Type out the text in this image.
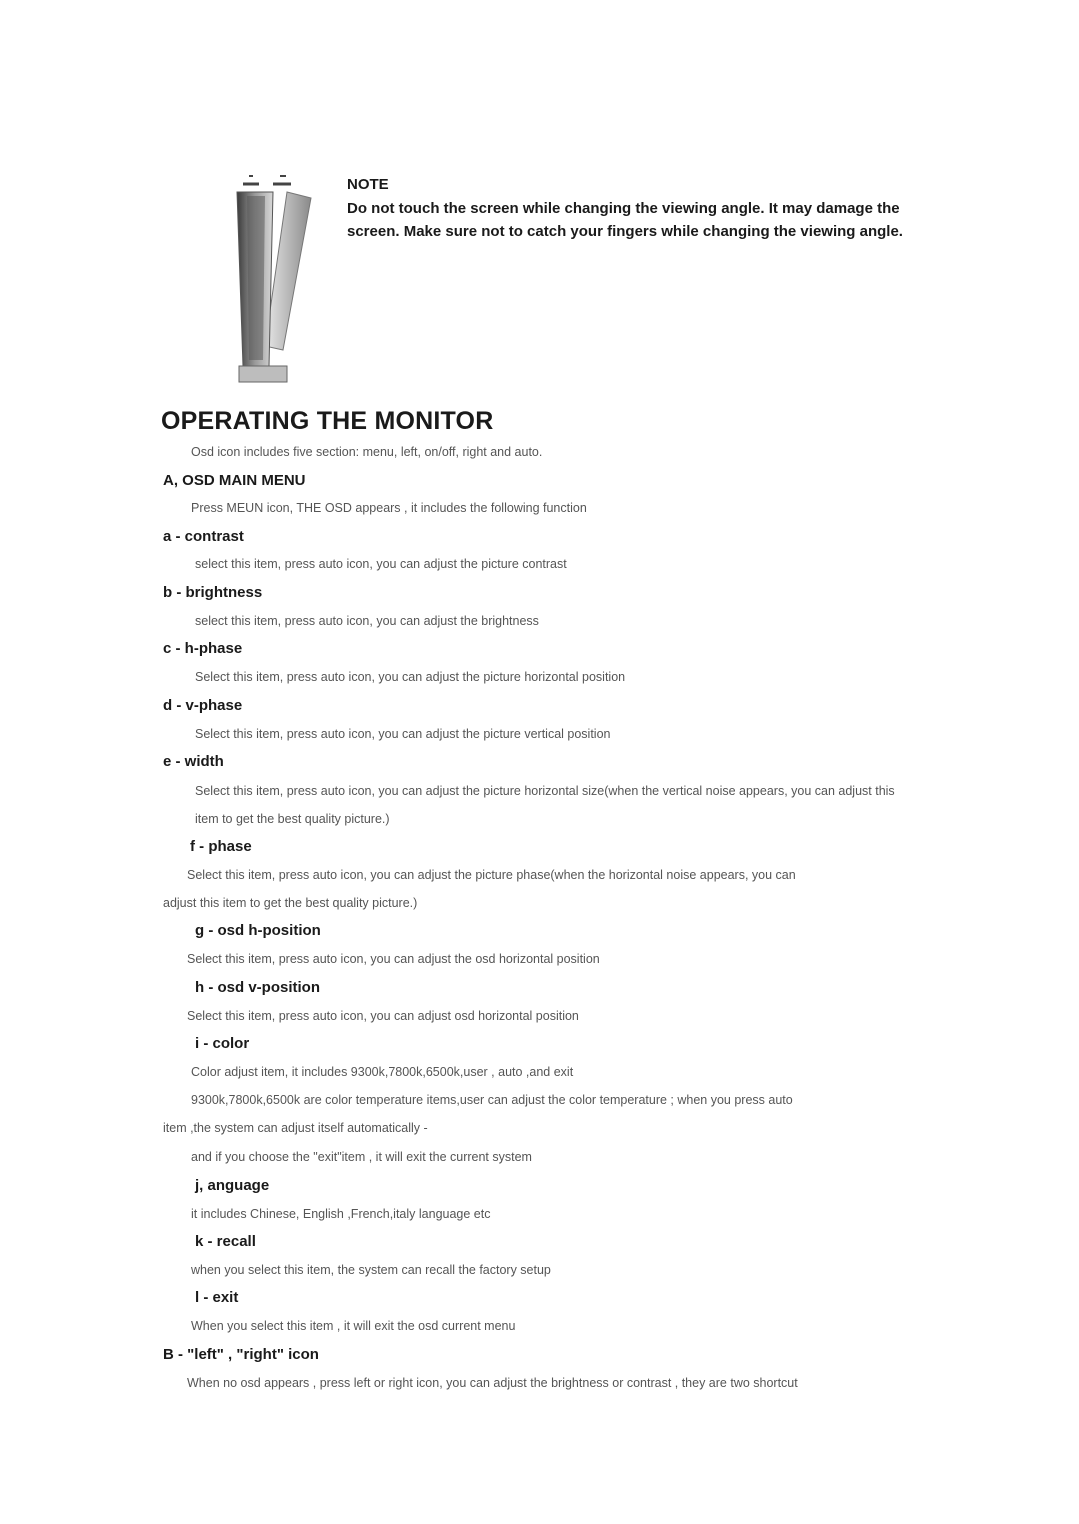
NOTE
Do not touch the screen while changing the viewing angle. It may damage the screen. Make sure not to catch your fingers while changing the viewing angle.
OPERATING THE MONITOR
Osd icon includes five section: menu, left, on/off, right and auto.
A, OSD MAIN MENU
Press MEUN icon, THE OSD appears , it includes the following function
a - contrast
select this item, press auto icon, you can adjust the picture contrast
b - brightness
select this item, press auto icon, you can adjust the brightness
c - h-phase
Select this item, press auto icon, you can adjust the picture horizontal position
d - v-phase
Select this item, press auto icon, you can adjust the picture vertical position
e - width
Select this item, press auto icon, you can adjust the picture horizontal size(when the vertical noise appears, you can adjust this item to get the best quality picture.)
f - phase
Select this item, press auto icon, you can adjust the picture phase(when the horizontal noise appears, you can
adjust this item to get the best quality picture.)
g - osd h-position
Select this item, press auto icon, you can adjust the osd horizontal position
h - osd v-position
Select this item, press auto icon, you can adjust osd horizontal position
i - color
Color adjust item, it includes 9300k,7800k,6500k,user , auto ,and exit
9300k,7800k,6500k are color temperature items,user can adjust the color temperature ; when you press auto
item ,the system can adjust itself automatically -
and if you choose the "exit"item , it will exit the current system
j, anguage
it includes Chinese, English ,French,italy language etc
k - recall
when you select this item, the system can recall the factory setup
l - exit
When you select this item , it will exit the osd current menu
B - "left" , "right" icon
When no osd appears , press left or right icon, you can adjust the brightness or contrast , they are two shortcut
